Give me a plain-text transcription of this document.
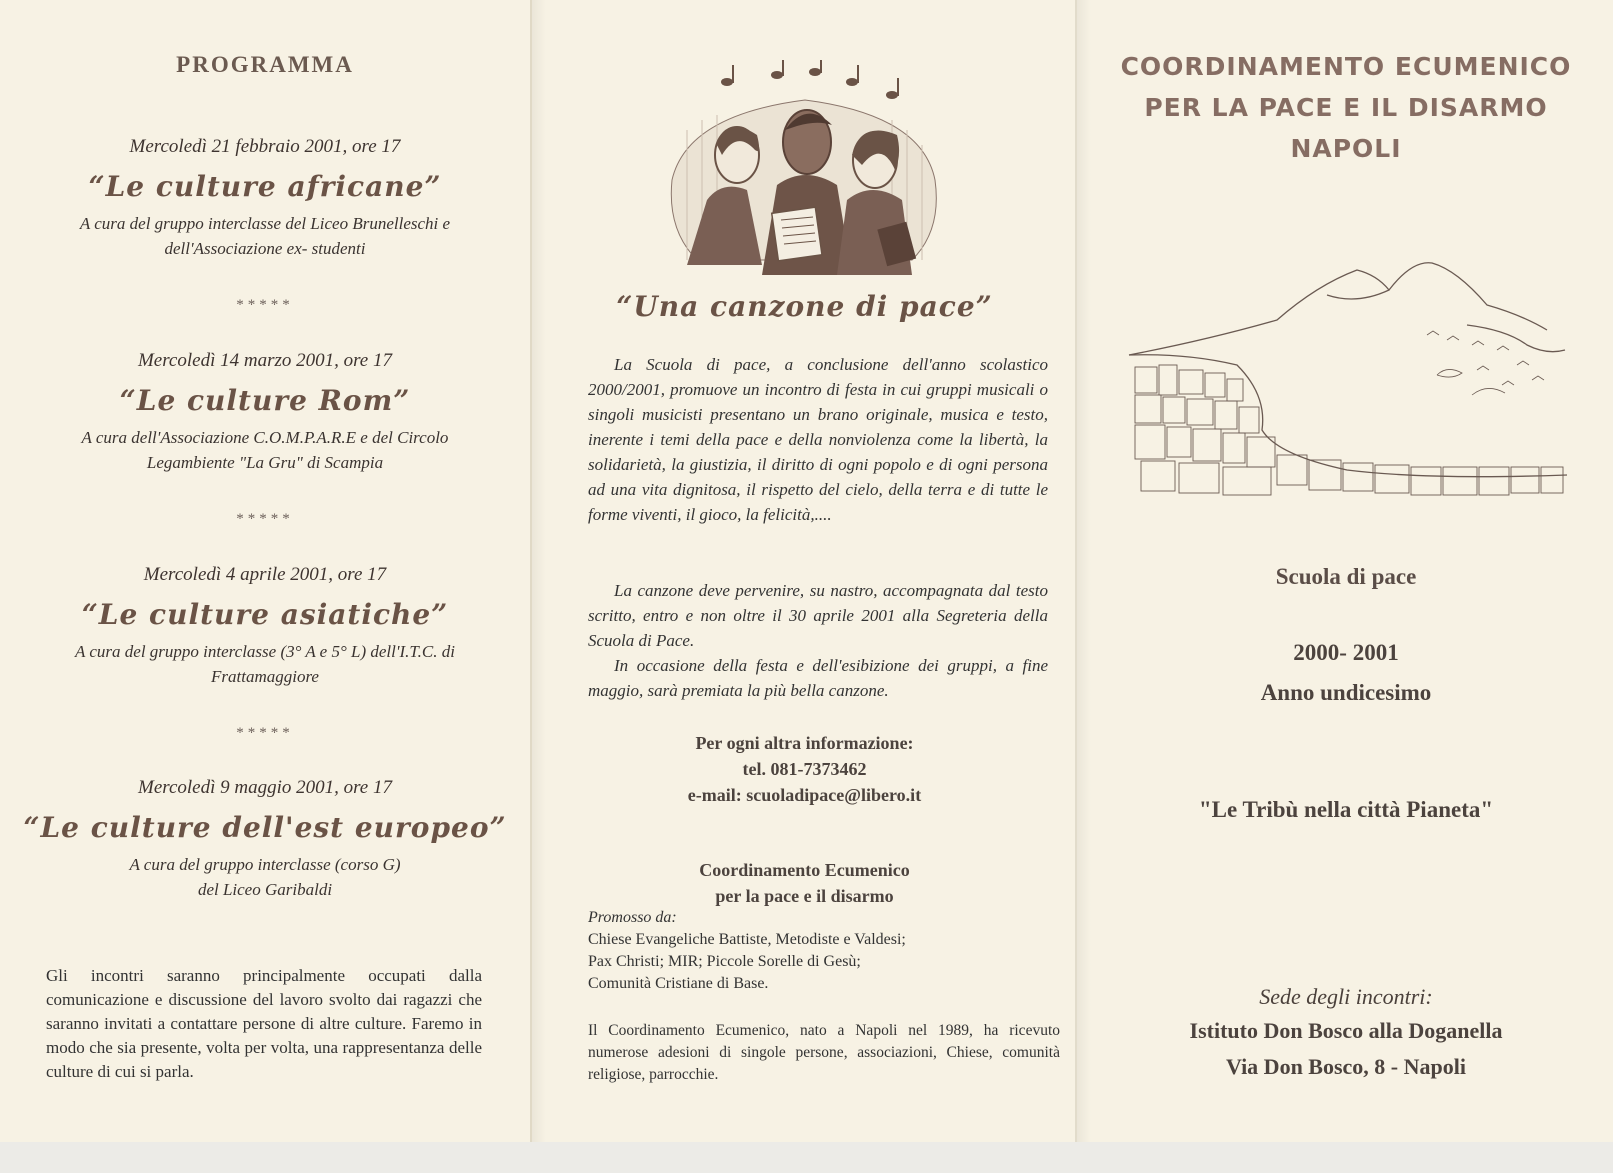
PROGRAMMA
Mercoledì 21 febbraio 2001, ore 17
“Le culture africane”
A cura del gruppo interclasse del Liceo Brunelleschi e
dell'Associazione ex- studenti
*****
Mercoledì 14 marzo 2001, ore 17
“Le culture Rom”
A cura dell'Associazione C.O.M.P.A.R.E e del Circolo
Legambiente "La Gru" di Scampia
*****
Mercoledì 4 aprile 2001, ore 17
“Le culture asiatiche”
A cura del gruppo interclasse (3° A e 5° L) dell'I.T.C. di
Frattamaggiore
*****
Mercoledì 9 maggio 2001, ore 17
“Le culture dell'est europeo”
A cura del gruppo interclasse (corso G)
del Liceo Garibaldi
Gli incontri saranno principalmente occupati dalla comunicazione e discussione del lavoro svolto dai ragazzi che saranno invitati a contattare persone di altre culture. Faremo in modo che sia presente, volta per volta, una rappresentanza delle culture di cui si parla.
“Una canzone di pace”
La Scuola di pace, a conclusione dell'anno scolastico 2000/2001, promuove un incontro di festa in cui gruppi musicali o singoli musicisti presentano un brano originale, musica e testo, inerente i temi della pace e della nonviolenza come la libertà, la solidarietà, la giustizia, il diritto di ogni popolo e di ogni persona ad una vita dignitosa, il rispetto del cielo, della terra e di tutte le forme viventi, il gioco, la felicità,....
La canzone deve pervenire, su nastro, accompagnata dal testo scritto, entro e non oltre il 30 aprile 2001 alla Segreteria della Scuola di Pace.
In occasione della festa e dell'esibizione dei gruppi, a fine maggio, sarà premiata la più bella canzone.
Per ogni altra informazione:
tel. 081-7373462
e-mail: scuoladipace@libero.it
Coordinamento Ecumenico
per la pace e il disarmo
Promosso da:
Chiese Evangeliche Battiste, Metodiste e Valdesi;
Pax Christi; MIR; Piccole Sorelle di Gesù;
Comunità Cristiane di Base.
Il Coordinamento Ecumenico, nato a Napoli nel 1989, ha ricevuto numerose adesioni di singole persone, associazioni, Chiese, comunità religiose, parrocchie.
COORDINAMENTO ECUMENICO
PER LA PACE E IL DISARMO
NAPOLI
Scuola di pace
2000- 2001
Anno undicesimo
"Le Tribù nella città Pianeta"
Sede degli incontri:
Istituto Don Bosco alla Doganella
Via Don Bosco, 8 - Napoli
